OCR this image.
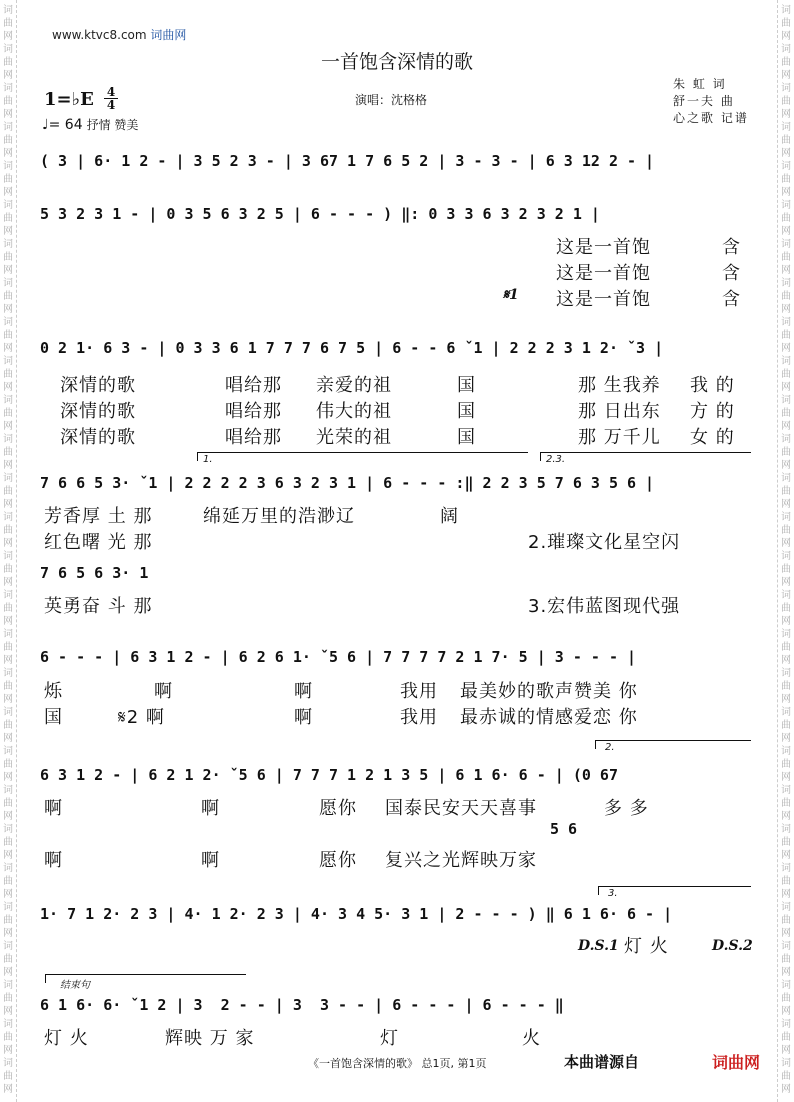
词
曲
网
词
曲
网
词
曲
网
词
曲
网
词
曲
网
词
曲
网
词
曲
网
词
曲
网
词
曲
网
词
曲
网
词
曲
网
词
曲
网
词
曲
网
词
曲
网
词
曲
网
词
曲
网
词
曲
网
词
曲
网
词
曲
网
词
曲
网
词
曲
网
词
曲
网
词
曲
网
词
曲
网
词
曲
网
词
曲
网
词
曲
网
词
曲
网
词
曲
网
词
曲
网
词
曲
网
词
曲
网
词
曲
网
词
曲
网
词
曲
网
词
曲
网
词
曲
网
词
曲
网
词
曲
网
词
曲
网
词
曲
网
词
曲
网
词
曲
网
词
曲
网
词
曲
网
词
曲
网
词
曲
网
词
曲
网
词
曲
网
词
曲
网
词
曲
网
词
曲
网
词
曲
网
词
曲
网
词
曲
网
词
曲
网
www.ktvc8.com 词曲网
一首饱含深情的歌
1=♭E 4
4
♩= 64 抒情 赞美
演唱：沈格格
朱 虹 词
舒一夫 曲
心之歌 记谱
( 3 | 6· 1 2 - | 3 5 2 3 - | 3 67 1 7 6 5 2 | 3 - 3 - | 6 3 12 2 - |
5 3 2 3 1 - | 0 3 5 6 3 2 5 | 6 - - - ) ‖: 0 3 3 6 3 2 3 2 1 |
这是一首饱	含
这是一首饱	含
𝄋1 这是一首饱	含
0 2 1· 6 3 - | 0 3 3 6 1 7 7 7 6 7 5 | 6 - - 6 ˇ1 | 2 2 2 3 1 2· ˇ3 |
深情的歌	唱给那 亲爱的祖	国	那 生我养 我 的
深情的歌	唱给那 伟大的祖	国	那 日出东 方 的
深情的歌	唱给那 光荣的祖	国	那 万千儿 女 的
1.	2.3.
7 6 6 5 3· ˇ1 | 2 2 2 2 3 6 3 2 3 1 | 6 - - - :‖ 2 2 3 5 7 6 3 5 6 |
芳香厚 土 那	绵延万里的浩渺辽	阔
红色曙 光 那	2.璀璨文化星空闪
7 6 5 6 3· 1
英勇奋 斗 那	3.宏伟蓝图现代强
6 - - - | 6 3 1 2 - | 6 2 6 1· ˇ5 6 | 7 7 7 7 2 1 7· 5 | 3 - - - |
烁	啊	啊	我用 最美妙的歌声赞美 你
国	𝄋2 啊	啊	我用 最赤诚的情感爱恋 你
2.
6 3 1 2 - | 6 2 1 2· ˇ5 6 | 7 7 7 1 2 1 3 5 | 6 1 6· 6 - | (0 67
啊	啊	愿你 国泰民安天天喜事	多 多
5 6
啊	啊	愿你 复兴之光辉映万家
3.
1· 7 1 2· 2 3 | 4· 1 2· 2 3 | 4· 3 4 5· 3 1 | 2 - - - ) ‖ 6 1 6· 6 - |
D.S.1 灯 火	D.S.2
结束句
6 1 6· 6· ˇ1 2 | 3  2 - - | 3  3 - - | 6 - - - | 6 - - - ‖
灯 火	辉映 万 家	灯	火
《一首饱含深情的歌》 总1页, 第1页	本曲谱源自	词曲网
